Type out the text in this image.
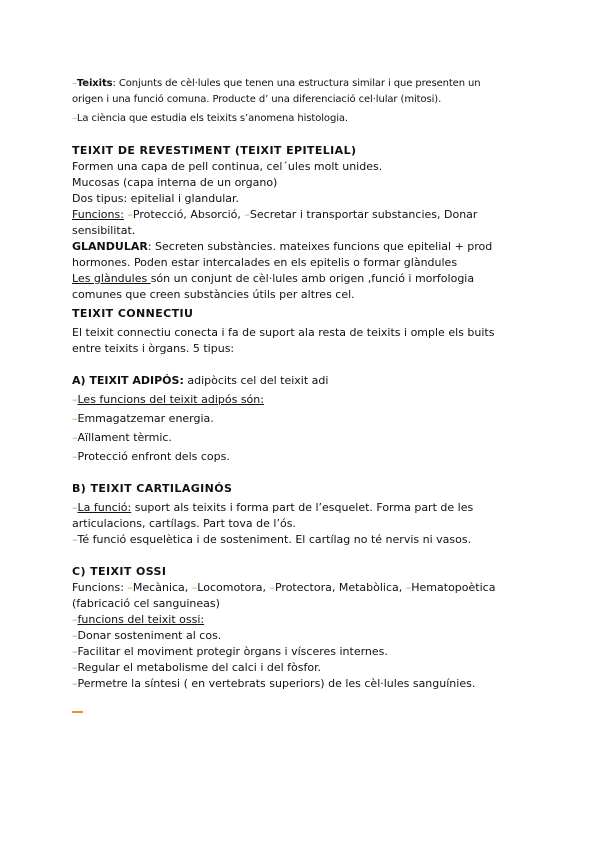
–Teixits: Conjunts de cèl·lules que tenen una estructura similar i que presenten un
origen i una funció comuna. Producte d’ una diferenciació cel·lular (mitosi).
–La ciència que estudia els teixits s’anomena histologia.
TEIXIT DE REVESTIMENT (TEIXIT EPITELIAL)
Formen una capa de pell continua, cel´ules molt unides.
Mucosas (capa interna de un organo)
Dos tipus: epitelial i glandular.
Funcions: –Protecció, Absorció, –Secretar i transportar substancies, Donar
sensibilitat.
GLANDULAR: Secreten substàncies. mateixes funcions que epitelial + prod
hormones. Poden estar intercalades en els epitelis o formar glàndules
Les glàndules són un conjunt de cèl·lules amb origen ,funció i morfologia
comunes que creen substàncies útils per altres cel.
TEIXIT CONNECTIU
El teixit connectiu conecta i fa de suport ala resta de teixits i omple els buits
entre teixits i òrgans. 5 tipus:
A) TEIXIT ADIPÓS: adipòcits cel del teixit adi
–Les funcions del teixit adipós són:
–Emmagatzemar energia.
–Aïllament tèrmic.
–Protecció enfront dels cops.
B) TEIXIT CARTILAGINÓS
–La funció: suport als teixits i forma part de l’esquelet. Forma part de les
articulacions, cartílags. Part tova de l’ós.
–Té funció esquelètica i de sosteniment. El cartílag no té nervis ni vasos.
C) TEIXIT OSSI
Funcions: –Mecànica, –Locomotora, –Protectora, Metabòlica, –Hematopoètica
(fabricació cel sanguineas)
–funcions del teixit ossi:
–Donar sosteniment al cos.
–Facilitar el moviment protegir òrgans i vísceres internes.
–Regular el metabolisme del calci i del fòsfor.
–Permetre la síntesi ( en vertebrats superiors) de les cèl·lules sanguínies.
